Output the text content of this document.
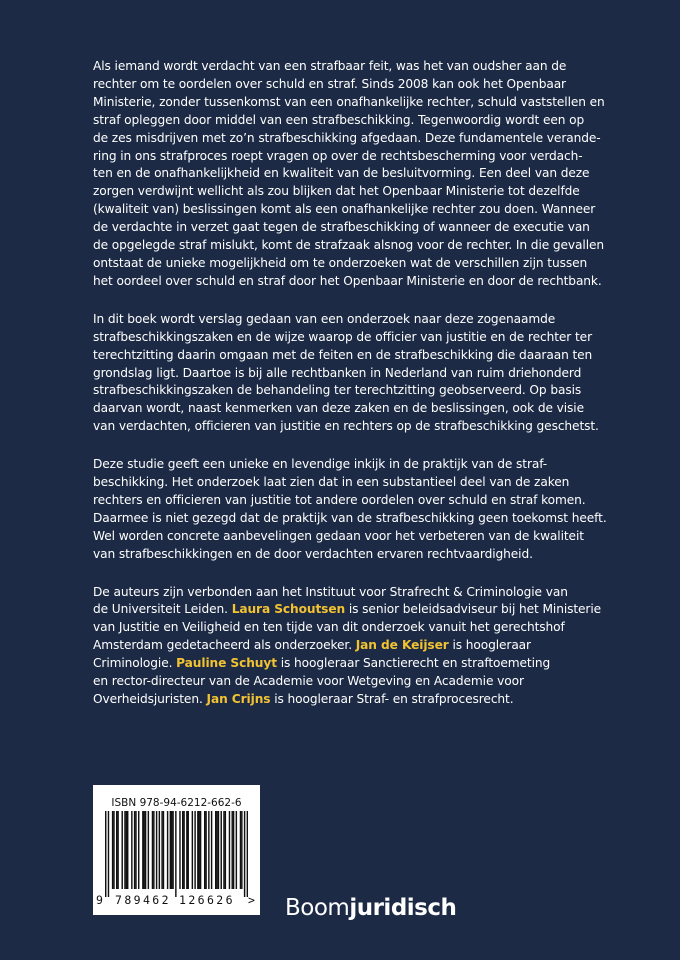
Als iemand wordt verdacht van een strafbaar feit, was het van oudsher aan de
rechter om te oordelen over schuld en straf. Sinds 2008 kan ook het Openbaar
Ministerie, zonder tussenkomst van een onafhankelijke rechter, schuld vaststellen en
straf opleggen door middel van een strafbeschikking. Tegenwoordig wordt een op
de zes misdrijven met zo’n strafbeschikking afgedaan. Deze fundamentele verande-
ring in ons strafproces roept vragen op over de rechtsbescherming voor verdach-
ten en de onafhankelijkheid en kwaliteit van de besluitvorming. Een deel van deze
zorgen verdwijnt wellicht als zou blijken dat het Openbaar Ministerie tot dezelfde
(kwaliteit van) beslissingen komt als een onafhankelijke rechter zou doen. Wanneer
de verdachte in verzet gaat tegen de strafbeschikking of wanneer de executie van
de opgelegde straf mislukt, komt de strafzaak alsnog voor de rechter. In die gevallen
ontstaat de unieke mogelijkheid om te onderzoeken wat de verschillen zijn tussen
het oordeel over schuld en straf door het Openbaar Ministerie en door de rechtbank.
In dit boek wordt verslag gedaan van een onderzoek naar deze zogenaamde
strafbeschikkingszaken en de wijze waarop de officier van justitie en de rechter ter
terechtzitting daarin omgaan met de feiten en de strafbeschikking die daaraan ten
grondslag ligt. Daartoe is bij alle rechtbanken in Nederland van ruim driehonderd
strafbeschikkingszaken de behandeling ter terechtzitting geobserveerd. Op basis
daarvan wordt, naast kenmerken van deze zaken en de beslissingen, ook de visie
van verdachten, officieren van justitie en rechters op de strafbeschikking geschetst.
Deze studie geeft een unieke en levendige inkijk in de praktijk van de straf-
beschikking. Het onderzoek laat zien dat in een substantieel deel van de zaken
rechters en officieren van justitie tot andere oordelen over schuld en straf komen.
Daarmee is niet gezegd dat de praktijk van de strafbeschikking geen toekomst heeft.
Wel worden concrete aanbevelingen gedaan voor het verbeteren van de kwaliteit
van strafbeschikkingen en de door verdachten ervaren rechtvaardigheid.
De auteurs zijn verbonden aan het Instituut voor Strafrecht & Criminologie van
de Universiteit Leiden. Laura Schoutsen is senior beleidsadviseur bij het Ministerie
van Justitie en Veiligheid en ten tijde van dit onderzoek vanuit het gerechtshof
Amsterdam gedetacheerd als onderzoeker. Jan de Keijser is hoogleraar
Criminologie. Pauline Schuyt is hoogleraar Sanctierecht en straftoemeting
en rector-directeur van de Academie voor Wetgeving en Academie voor
Overheidsjuristen. Jan Crijns is hoogleraar Straf- en strafprocesrecht.
ISBN 978-94-6212-662-6
9 789462 126626 > Boomjuridisch
